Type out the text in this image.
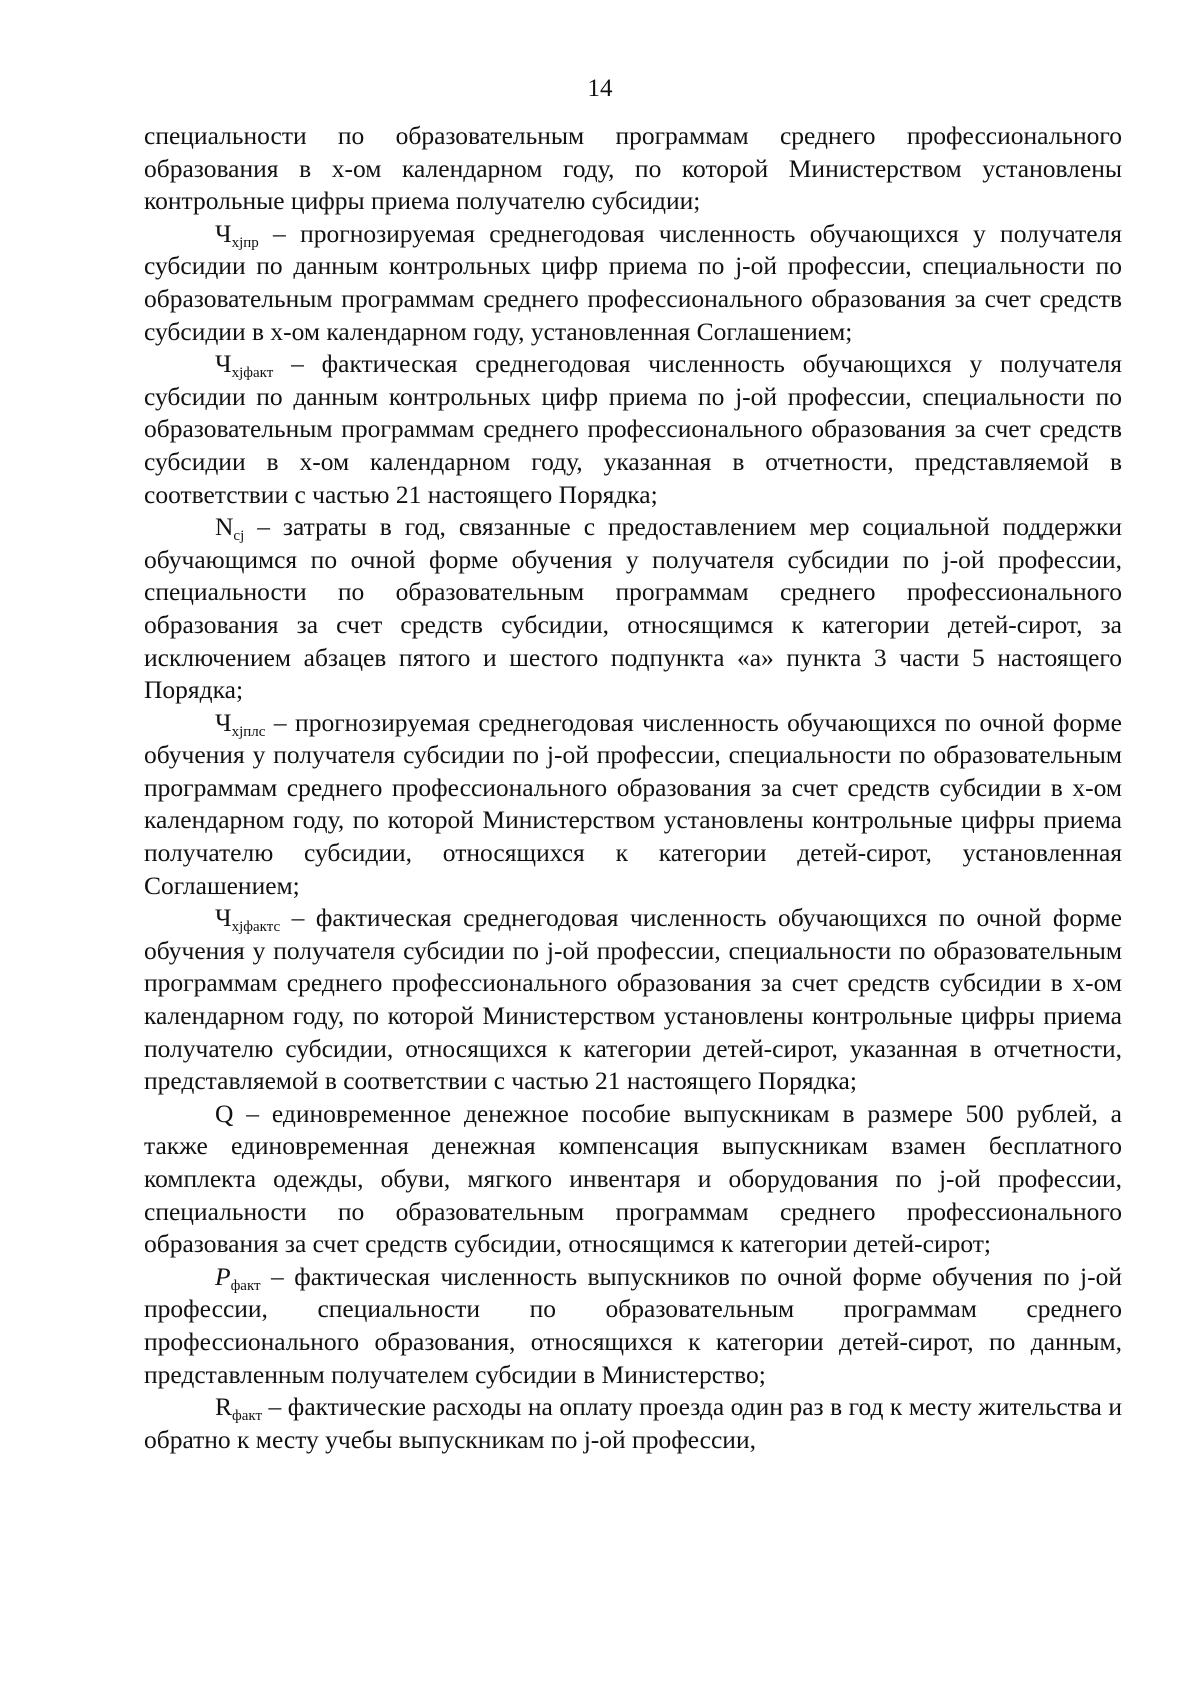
14

специальности по образовательным программам среднего профессионального образования в х-ом календарном году, по которой Министерством установлены контрольные цифры приема получателю субсидии;

$Ч_{хjпр}$ – прогнозируемая среднегодовая численность обучающихся у получателя субсидии по данным контрольных цифр приема по j-ой профессии, специальности по образовательным программам среднего профессионального образования за счет средств субсидии в х-ом календарном году, установленная Соглашением;

$Ч_{хjфакт}$ – фактическая среднегодовая численность обучающихся у получателя субсидии по данным контрольных цифр приема по j-ой профессии, специальности по образовательным программам среднего профессионального образования за счет средств субсидии в х-ом календарном году, указанная в отчетности, представляемой в соответствии с частью 21 настоящего Порядка;

$N_{cj}$ – затраты в год, связанные с предоставлением мер социальной поддержки обучающимся по очной форме обучения у получателя субсидии по j-ой профессии, специальности по образовательным программам среднего профессионального образования за счет средств субсидии, относящимся к категории детей-сирот, за исключением абзацев пятого и шестого подпункта «а» пункта 3 части 5 настоящего Порядка;

$Ч_{хjплс}$ – прогнозируемая среднегодовая численность обучающихся по очной форме обучения у получателя субсидии по j-ой профессии, специальности по образовательным программам среднего профессионального образования за счет средств субсидии в х-ом календарном году, по которой Министерством установлены контрольные цифры приема получателю субсидии, относящихся к категории детей-сирот, установленная Соглашением;

$Ч_{хjфактс}$ – фактическая среднегодовая численность обучающихся по очной форме обучения у получателя субсидии по j-ой профессии, специальности по образовательным программам среднего профессионального образования за счет средств субсидии в х-ом календарном году, по которой Министерством установлены контрольные цифры приема получателю субсидии, относящихся к категории детей-сирот, указанная в отчетности, представляемой в соответствии с частью 21 настоящего Порядка;

Q – единовременное денежное пособие выпускникам в размере 500 рублей, а также единовременная денежная компенсация выпускникам взамен бесплатного комплекта одежды, обуви, мягкого инвентаря и оборудования по j-ой профессии, специальности по образовательным программам среднего профессионального образования за счет средств субсидии, относящимся к категории детей-сирот;

$P_{факт}$ – фактическая численность выпускников по очной форме обучения по j-ой профессии, специальности по образовательным программам среднего профессионального образования, относящихся к категории детей-сирот, по данным, представленным получателем субсидии в Министерство;

$R_{факт}$ – фактические расходы на оплату проезда один раз в год к месту жительства и обратно к месту учебы выпускникам по j-ой профессии,
